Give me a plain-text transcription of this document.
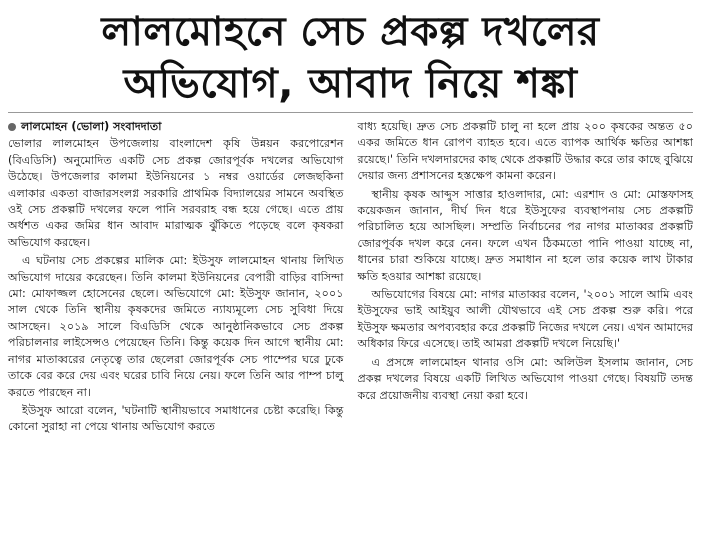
লালমোহনে সেচ প্রকল্প দখলের
অভিযোগ, আবাদ নিয়ে শঙ্কা
লালমোহন (ভোলা) সংবাদদাতা

ভোলার লালমোহন উপজেলায় বাংলাদেশ কৃষি উন্নয়ন করপোরেশন (বিএডিসি) অনুমোদিত একটি সেচ প্রকল্প জোরপূর্বক দখলের অভিযোগ উঠেছে। উপজেলার কালমা ইউনিয়নের ১ নম্বর ওয়ার্ডের লেজছকিনা এলাকার একতা বাজারসংলগ্ন সরকারি প্রাথমিক বিদ্যালয়ের সামনে অবস্থিত ওই সেচ প্রকল্পটি দখলের ফলে পানি সরবরাহ বন্ধ হয়ে গেছে। এতে প্রায় অর্ধশত একর জমির ধান আবাদ মারাত্মক ঝুঁকিতে পড়েছে বলে কৃষকরা অভিযোগ করছেন।

এ ঘটনায় সেচ প্রকল্পের মালিক মো: ইউসুফ লালমোহন থানায় লিখিত অভিযোগ দায়ের করেছেন। তিনি কালমা ইউনিয়নের বেপারী বাড়ির বাসিন্দা মো: মোফাজ্জল হোসেনের ছেলে। অভিযোগে মো: ইউসুফ জানান, ২০০১ সাল থেকে তিনি স্থানীয় কৃষকদের জমিতে ন্যায্যমূল্যে সেচ সুবিধা দিয়ে আসছেন। ২০১৯ সালে বিএডিসি থেকে আনুষ্ঠানিকভাবে সেচ প্রকল্প পরিচালনার লাইসেন্সও পেয়েছেন তিনি। কিন্তু কয়েক দিন আগে স্থানীয় মো: নাগর মাতাব্বরের নেতৃত্বে তার ছেলেরা জোরপূর্বক সেচ পাম্পের ঘরে ঢুকে তাকে বের করে দেয় এবং ঘরের চাবি নিয়ে নেয়। ফলে তিনি আর পাম্প চালু করতে পারছেন না।

ইউসুফ আরো বলেন, 'ঘটনাটি স্থানীয়ভাবে সমাধানের চেষ্টা করেছি। কিন্তু কোনো সুরাহা না পেয়ে থানায় অভিযোগ করতে

বাধ্য হয়েছি। দ্রুত সেচ প্রকল্পটি চালু না হলে প্রায় ২০০ কৃষকের অন্তত ৫০ একর জমিতে ধান রোপণ ব্যাহত হবে। এতে ব্যাপক আর্থিক ক্ষতির আশঙ্কা রয়েছে।' তিনি দখলদারদের কাছ থেকে প্রকল্পটি উদ্ধার করে তার কাছে বুঝিয়ে দেয়ার জন্য প্রশাসনের হস্তক্ষেপ কামনা করেন।

স্থানীয় কৃষক আব্দুস সাত্তার হাওলাদার, মো: এরশাদ ও মো: মোস্তফাসহ কয়েকজন জানান, দীর্ঘ দিন ধরে ইউসুফের ব্যবস্থাপনায় সেচ প্রকল্পটি পরিচালিত হয়ে আসছিল। সম্প্রতি নির্বাচনের পর নাগর মাতাব্বর প্রকল্পটি জোরপূর্বক দখল করে নেন। ফলে এখন ঠিকমতো পানি পাওয়া যাচ্ছে না, ধানের চারা শুকিয়ে যাচ্ছে। দ্রুত সমাধান না হলে তার কয়েক লাখ টাকার ক্ষতি হওয়ার আশঙ্কা রয়েছে।

অভিযোগের বিষয়ে মো: নাগর মাতাব্বর বলেন, '২০০১ সালে আমি এবং ইউসুফের ভাই আইয়ুব আলী যৌথভাবে এই সেচ প্রকল্প শুরু করি। পরে ইউসুফ ক্ষমতার অপব্যবহার করে প্রকল্পটি নিজের দখলে নেয়। এখন আমাদের অধিকার ফিরে এসেছে। তাই আমরা প্রকল্পটি দখলে নিয়েছি।'

এ প্রসঙ্গে লালমোহন থানার ওসি মো: অলিউল ইসলাম জানান, সেচ প্রকল্প দখলের বিষয়ে একটি লিখিত অভিযোগ পাওয়া গেছে। বিষয়টি তদন্ত করে প্রয়োজনীয় ব্যবস্থা নেয়া করা হবে।
